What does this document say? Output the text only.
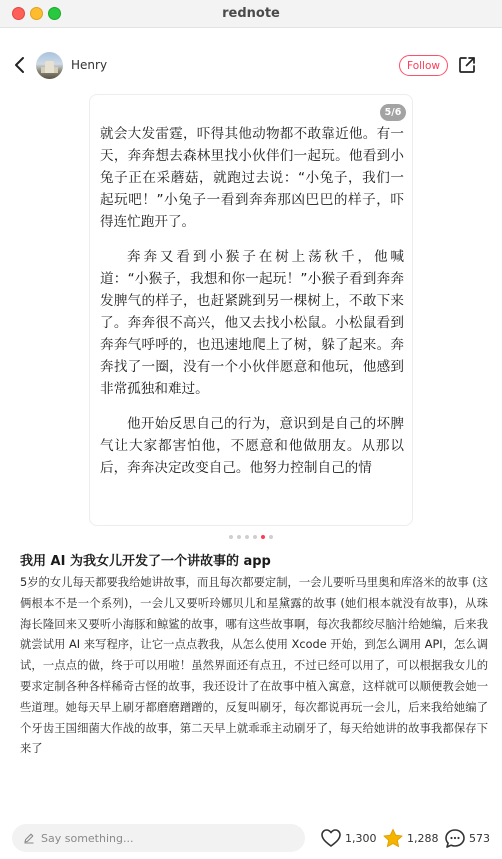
rednote
Henry	Follow
5/6

就会大发雷霆，吓得其他动物都不敢靠近他。有一天，奔奔想去森林里找小伙伴们一起玩。他看到小兔子正在采蘑菇，就跑过去说：“小兔子，我们一起玩吧！”小兔子一看到奔奔那凶巴巴的样子，吓得连忙跑开了。

奔奔又看到小猴子在树上荡秋千，他喊道：“小猴子，我想和你一起玩！”小猴子看到奔奔发脾气的样子，也赶紧跳到另一棵树上，不敢下来了。奔奔很不高兴，他又去找小松鼠。小松鼠看到奔奔气呼呼的，也迅速地爬上了树，躲了起来。奔奔找了一圈，没有一个小伙伴愿意和他玩，他感到非常孤独和难过。

他开始反思自己的行为，意识到是自己的坏脾气让大家都害怕他，不愿意和他做朋友。从那以后，奔奔决定改变自己。他努力控制自己的情

我用 AI 为我女儿开发了一个讲故事的 app
5岁的女儿每天都要我给她讲故事，而且每次都要定制，一会儿要听马里奥和库洛米的故事 (这俩根本不是一个系列)，一会儿又要听玲娜贝儿和星黛露的故事 (她们根本就没有故事)，从珠海长隆回来又要听小海豚和鲸鲨的故事，哪有这些故事啊，每次我都绞尽脑汁给她编，后来我就尝试用 AI 来写程序，让它一点点教我，从怎么使用 Xcode 开始，到怎么调用 API，怎么调试，一点点的做，终于可以用啦！虽然界面还有点丑，不过已经可以用了，可以根据我女儿的要求定制各种各样稀奇古怪的故事，我还设计了在故事中植入寓意，这样就可以顺便教会她一些道理。她每天早上刷牙都磨磨蹭蹭的，反复叫刷牙，每次都说再玩一会儿，后来我给她编了个牙齿王国细菌大作战的故事，第二天早上就乖乖主动刷牙了，每天给她讲的故事我都保存下来了
Say something...	1,300	1,288	573
